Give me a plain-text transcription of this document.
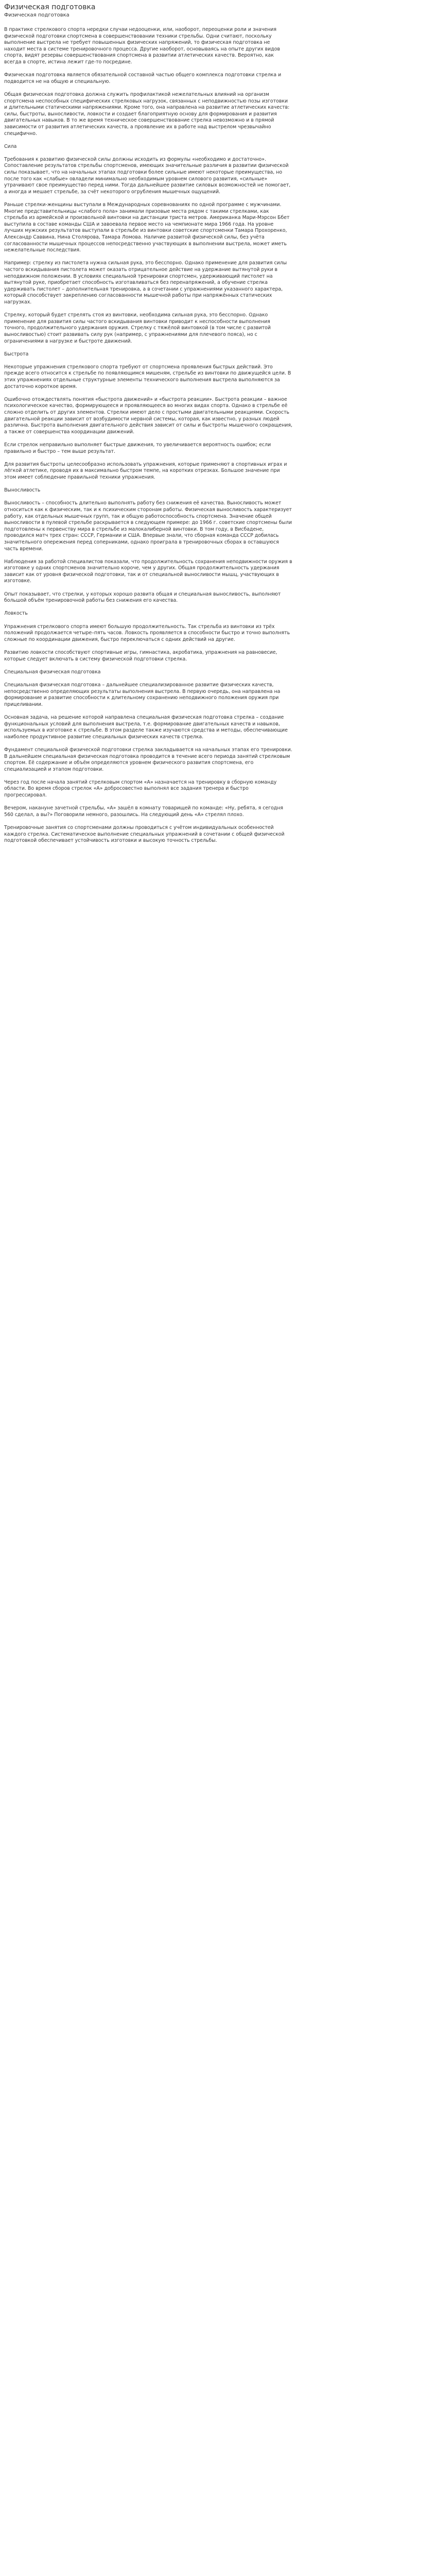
Физическая подготовка
Физическая подготовка

В практике стрелкового спорта нередки случаи недооценки, или, наоборот, переоценки роли и значения физической подготовки спортсмена в совершенствовании техники стрельбы. Одни считают, поскольку выполнение выстрела не требует повышенных физических напряжений, то физическая подготовка не находит места в системе тренировочного процесса. Другие наоборот, основываясь на опыте других видов спорта, видят резервы совершенствования спортсмена в развитии атлетических качеств. Вероятно, как всегда в спорте, истина лежит где-то посредине.

Физическая подготовка является обязательной составной частью общего комплекса подготовки стрелка и подводится не на общую и специальную.

Общая физическая подготовка должна служить профилактикой нежелательных влияний на организм спортсмена неспособных специфических стрелковых нагрузок, связанных с неподвижностью позы изготовки и длительными статическими напряжениями. Кроме того, она направлена на развитие атлетических качеств: силы, быстроты, выносливости, ловкости и создает благоприятную основу для формирования и развития двигательных навыков. В то же время техническое совершенствование стрелка невозможно и в прямой зависимости от развития атлетических качеств, а проявление их в работе над выстрелом чрезвычайно специфично.

Сила

Требования к развитию физической силы должны исходить из формулы «необходимо и достаточно». Сопоставление результатов стрельбы спортсменов, имеющих значительные различия в развитии физической силы показывает, что на начальных этапах подготовки более сильные имеют некоторые преимущества, но после того как «слабые» овладели минимально необходимым уровнем силового развития, «сильные» утрачивают свое преимущество перед ними. Тогда дальнейшее развитие силовых возможностей не помогает, а иногда и мешает стрельбе, за счёт некоторого огрубления мышечных ощущений.

Раньше стрелки-женщины выступали в Международных соревнованиях по одной программе с мужчинами. Многие представительницы «слабого пола» занимали призовые места рядом с такими стрелками, как стрельба из армейской и произвольной винтовки на дистанции триста метров. Американка Мари-Мэрсон Ббет выступила в составе команды США и завоевала первое место на чемпионате мира 1966 года. На уровне лучших мужских результатов выступали в стрельбе из винтовки советские спортсменки Тамара Прохоренко, Александр Саввина, Нина Столярова, Тамара Ломова. Наличие развитой физической силы, без учёта согласованности мышечных процессов непосредственно участвующих в выполнении выстрела, может иметь нежелательные последствия.

Например: стрелку из пистолета нужна сильная рука, это бесспорно. Однако применение для развития силы частого вскидывания пистолета может оказать отрицательное действие на удержание вытянутой руки в неподвижном положении. В условиях специальной тренировки спортсмен, удерживающий пистолет на вытянутой руке, приобретает способность изготавливаться без перенапряжений, а обучение стрелка удерживать пистолет – дополнительная тренировка, а в сочетании с упражнениями указанного характера, который способствует закреплению согласованности мышечной работы при напряжённых статических нагрузках.

Стрелку, который будет стрелять стоя из винтовки, необходима сильная рука, это бесспорно. Однако применение для развития силы частого вскидывания винтовки приводит к неспособности выполнения точного, продолжительного удержания оружия. Стрелку с тяжёлой винтовкой (в том числе с развитой выносливостью) стоит развивать силу рук (например, с упражнениями для плечевого пояса), но с ограничениями в нагрузке и быстроте движений.

Быстрота

Некоторые упражнения стрелкового спорта требуют от спортсмена проявления быстрых действий. Это прежде всего относится к стрельбе по появляющимся мишеням, стрельбе из винтовки по движущейся цели. В этих упражнениях отдельные структурные элементы технического выполнения выстрела выполняются за достаточно короткое время.

Ошибочно отождествлять понятия «быстрота движений» и «быстрота реакции». Быстрота реакции – важное психологическое качество, формирующееся и проявляющееся во многих видах спорта. Однако в стрельбе её сложно отделить от других элементов. Стрелки имеют дело с простыми двигательными реакциями. Скорость двигательной реакции зависит от возбудимости нервной системы, которая, как известно, у разных людей различна. Быстрота выполнения двигательного действия зависит от силы и быстроты мышечного сокращения, а также от совершенства координации движений.

Если стрелок неправильно выполняет быстрые движения, то увеличивается вероятность ошибок; если правильно и быстро – тем выше результат.

Для развития быстроты целесообразно использовать упражнения, которые применяют в спортивных играх и лёгкой атлетике, проводя их в максимально быстром темпе, на коротких отрезках. Большое значение при этом имеет соблюдение правильной техники упражнения.

Выносливость

Выносливость – способность длительно выполнять работу без снижения её качества. Выносливость может относиться как к физическим, так и к психическим сторонам работы. Физическая выносливость характеризует работу, как отдельных мышечных групп, так и общую работоспособность спортсмена. Значение общей выносливости в пулевой стрельбе раскрывается в следующем примере: до 1966 г. советские спортсмены были подготовлены к первенству мира в стрельбе из малокалиберной винтовки. В том году, в Висбадене, проводился матч трех стран: СССР, Германии и США. Впервые знали, что сборная команда СССР добилась значительного опережения перед соперниками, однако проиграла в тренировочных сборах в оставшуюся часть времени.

Наблюдения за работой специалистов показали, что продолжительность сохранения неподвижности оружия в изготовке у одних спортсменов значительно короче, чем у других. Общая продолжительность удержания зависит как от уровня физической подготовки, так и от специальной выносливости мышц, участвующих в изготовке.

Опыт показывает, что стрелки, у которых хорошо развита общая и специальная выносливость, выполняют большой объём тренировочной работы без снижения его качества.

Ловкость

Упражнения стрелкового спорта имеют большую продолжительность. Так стрельба из винтовки из трёх положений продолжается четыре–пять часов. Ловкость проявляется в способности быстро и точно выполнять сложные по координации движения, быстро переключаться с одних действий на другие.

Развитию ловкости способствуют спортивные игры, гимнастика, акробатика, упражнения на равновесие, которые следует включать в систему физической подготовки стрелка.

Специальная физическая подготовка

Специальная физическая подготовка – дальнейшее специализированное развитие физических качеств, непосредственно определяющих результаты выполнения выстрела. В первую очередь, она направлена на формирование и развитие способности к длительному сохранению неподвижного положения оружия при прицеливании.

Основная задача, на решение которой направлена специальная физическая подготовка стрелка – создание функциональных условий для выполнения выстрела, т.е. формирование двигательных качеств и навыков, используемых в изготовке к стрельбе. В этом разделе также изучаются средства и методы, обеспечивающие наиболее продуктивное развитие специальных физических качеств стрелка.

Фундамент специальной физической подготовки стрелка закладывается на начальных этапах его тренировки. В дальнейшем специальная физическая подготовка проводится в течение всего периода занятий стрелковым спортом. Её содержание и объём определяются уровнем физического развития спортсмена, его специализацией и этапом подготовки.

Через год после начала занятий стрелковым спортом «А» назначается на тренировку в сборную команду области. Во время сборов стрелок «А» добросовестно выполнял все задания тренера и быстро прогрессировал.

Вечером, накануне зачетной стрельбы, «А» зашёл в комнату товарищей по команде: «Ну, ребята, я сегодня 560 сделал, а вы?» Поговорили немного, разошлись. На следующий день «А» стрелял плохо.

Тренировочные занятия со спортсменами должны проводиться с учётом индивидуальных особенностей каждого стрелка. Систематическое выполнение специальных упражнений в сочетании с общей физической подготовкой обеспечивает устойчивость изготовки и высокую точность стрельбы.
